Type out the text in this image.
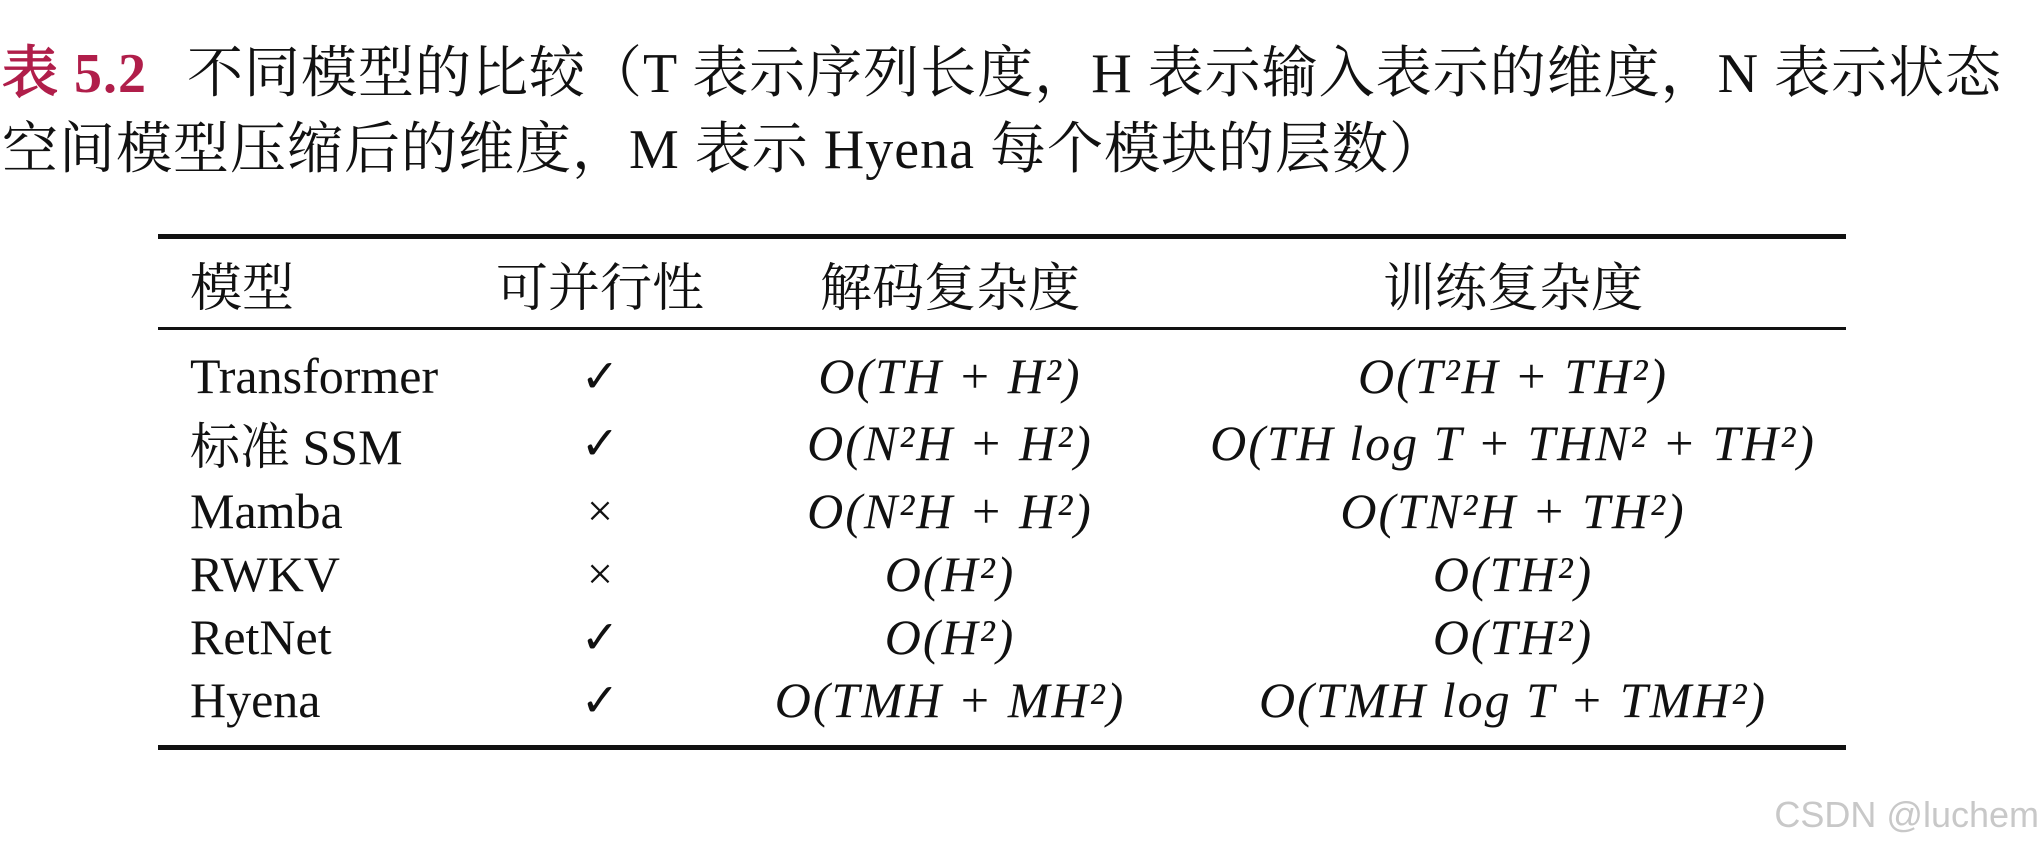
表 5.2 不同模型的比较（T 表示序列长度，H 表示输入表示的维度，N 表示状态空间模型压缩后的维度，M 表示 Hyena 每个模块的层数）
模型	可并行性	解码复杂度	训练复杂度
Transformer	✓	O(TH + H²)	O(T²H + TH²)
标准 SSM	✓	O(N²H + H²)	O(TH log T + THN² + TH²)
Mamba	×	O(N²H + H²)	O(TN²H + TH²)
RWKV	×	O(H²)	O(TH²)
RetNet	✓	O(H²)	O(TH²)
Hyena	✓	O(TMH + MH²)	O(TMH log T + TMH²)
CSDN @luchem
